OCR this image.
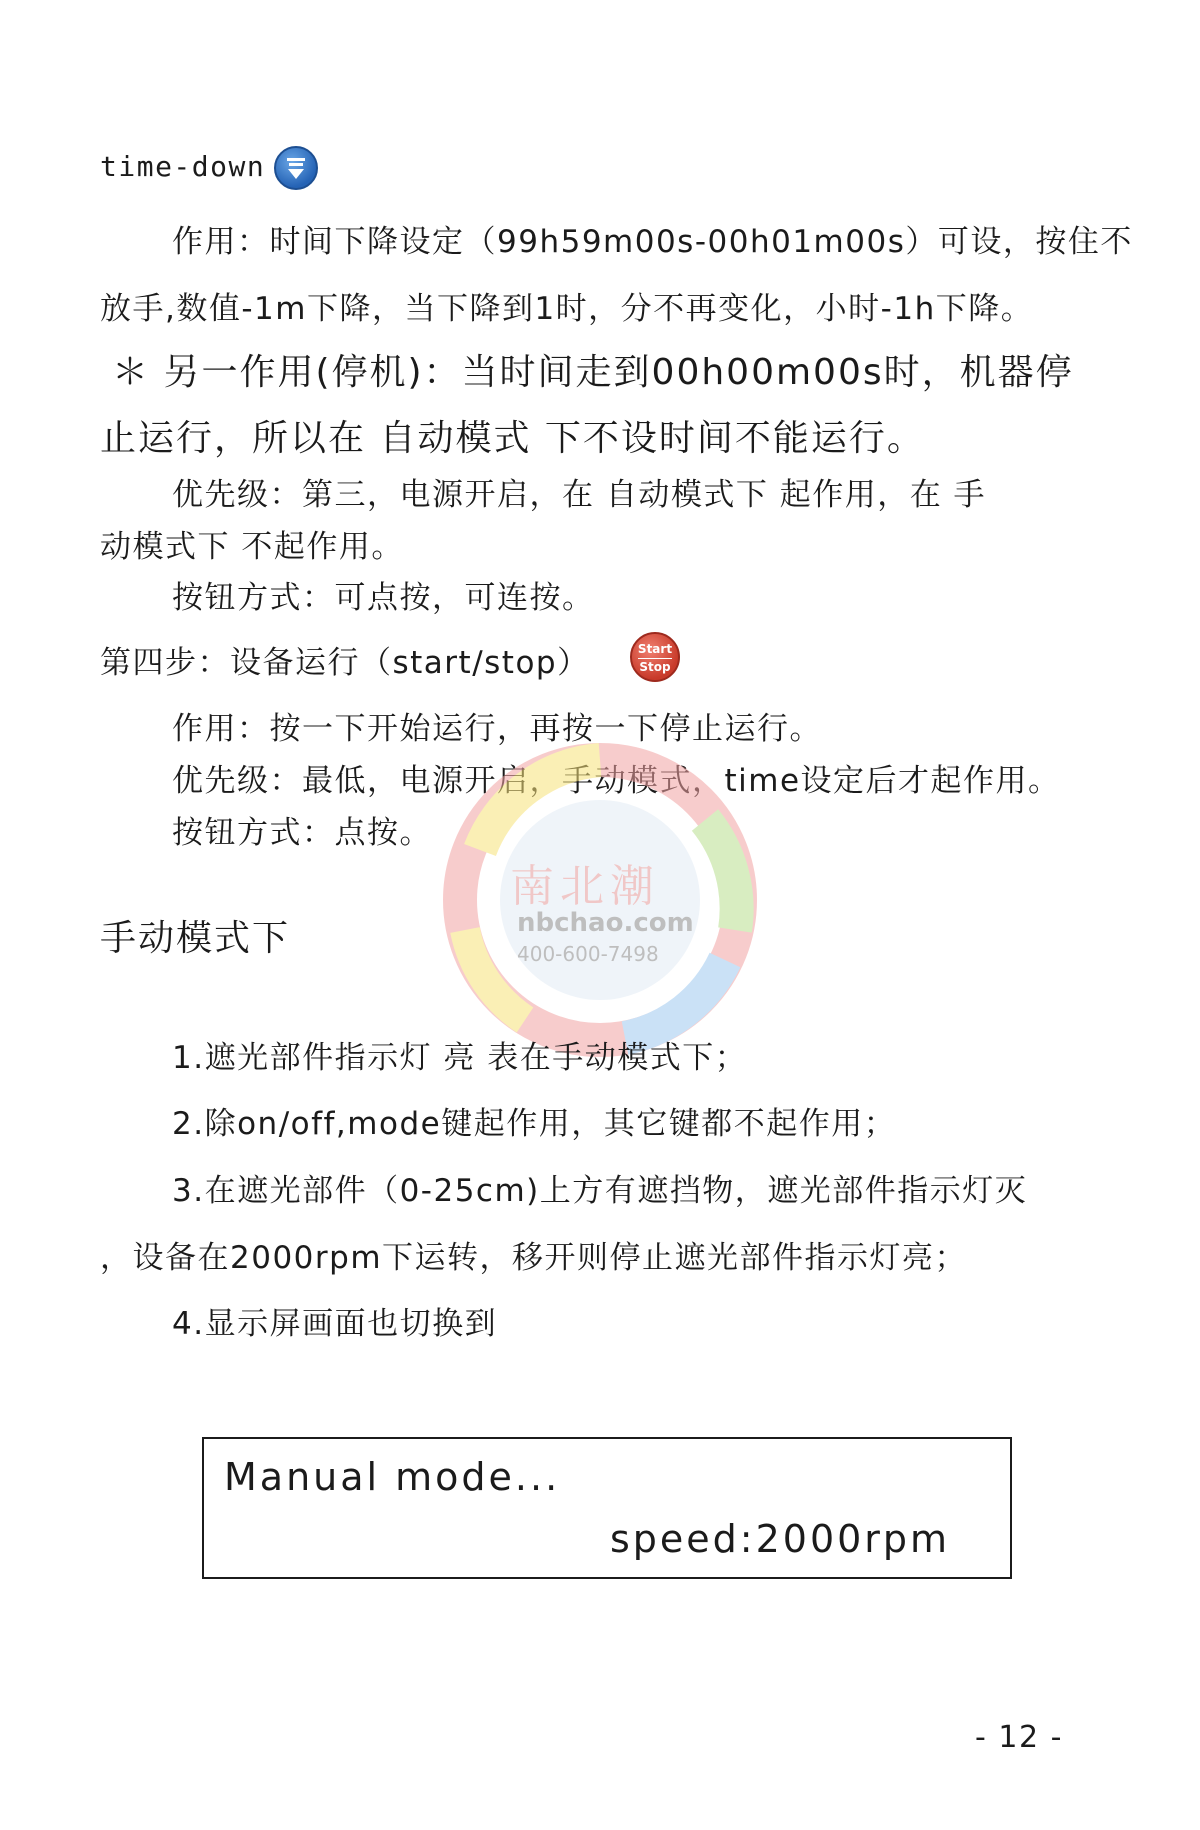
time-down
作用：时间下降设定（99h59m00s-00h01m00s）可设，按住不
放手,数值-1m下降，当下降到1时，分不再变化，小时-1h下降。
＊ 另一作用(停机)：当时间走到00h00m00s时，机器停
止运行，所以在 自动模式 下不设时间不能运行。
优先级：第三，电源开启，在 自动模式下 起作用，在 手
动模式下 不起作用。
按钮方式：可点按，可连按。
第四步：设备运行（start/stop）	Start
Stop
作用：按一下开始运行，再按一下停止运行。
优先级：最低，电源开启，手动模式，time设定后才起作用。
按钮方式：点按。
南北潮
nbchao.com
400-600-7498
手动模式下
1.遮光部件指示灯 亮 表在手动模式下；
2.除on/off,mode键起作用，其它键都不起作用；
3.在遮光部件（0-25cm)上方有遮挡物，遮光部件指示灯灭
，设备在2000rpm下运转，移开则停止遮光部件指示灯亮；
4.显示屏画面也切换到
Manual mode...
speed:2000rpm
- 12 -
